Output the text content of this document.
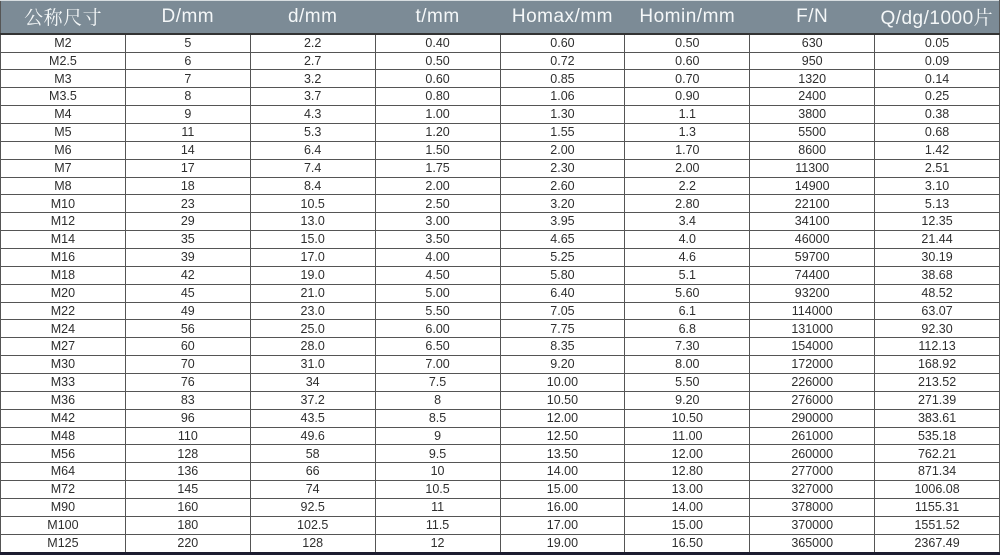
公称尺寸	D/mm	d/mm	t/mm	Homax/mm	Homin/mm	F/N	Q/dg/1000片
M2	5	2.2	0.40	0.60	0.50	630	0.05
M2.5	6	2.7	0.50	0.72	0.60	950	0.09
M3	7	3.2	0.60	0.85	0.70	1320	0.14
M3.5	8	3.7	0.80	1.06	0.90	2400	0.25
M4	9	4.3	1.00	1.30	1.1	3800	0.38
M5	11	5.3	1.20	1.55	1.3	5500	0.68
M6	14	6.4	1.50	2.00	1.70	8600	1.42
M7	17	7.4	1.75	2.30	2.00	11300	2.51
M8	18	8.4	2.00	2.60	2.2	14900	3.10
M10	23	10.5	2.50	3.20	2.80	22100	5.13
M12	29	13.0	3.00	3.95	3.4	34100	12.35
M14	35	15.0	3.50	4.65	4.0	46000	21.44
M16	39	17.0	4.00	5.25	4.6	59700	30.19
M18	42	19.0	4.50	5.80	5.1	74400	38.68
M20	45	21.0	5.00	6.40	5.60	93200	48.52
M22	49	23.0	5.50	7.05	6.1	114000	63.07
M24	56	25.0	6.00	7.75	6.8	131000	92.30
M27	60	28.0	6.50	8.35	7.30	154000	112.13
M30	70	31.0	7.00	9.20	8.00	172000	168.92
M33	76	34	7.5	10.00	5.50	226000	213.52
M36	83	37.2	8	10.50	9.20	276000	271.39
M42	96	43.5	8.5	12.00	10.50	290000	383.61
M48	110	49.6	9	12.50	11.00	261000	535.18
M56	128	58	9.5	13.50	12.00	260000	762.21
M64	136	66	10	14.00	12.80	277000	871.34
M72	145	74	10.5	15.00	13.00	327000	1006.08
M90	160	92.5	11	16.00	14.00	378000	1155.31
M100	180	102.5	11.5	17.00	15.00	370000	1551.52
M125	220	128	12	19.00	16.50	365000	2367.49
